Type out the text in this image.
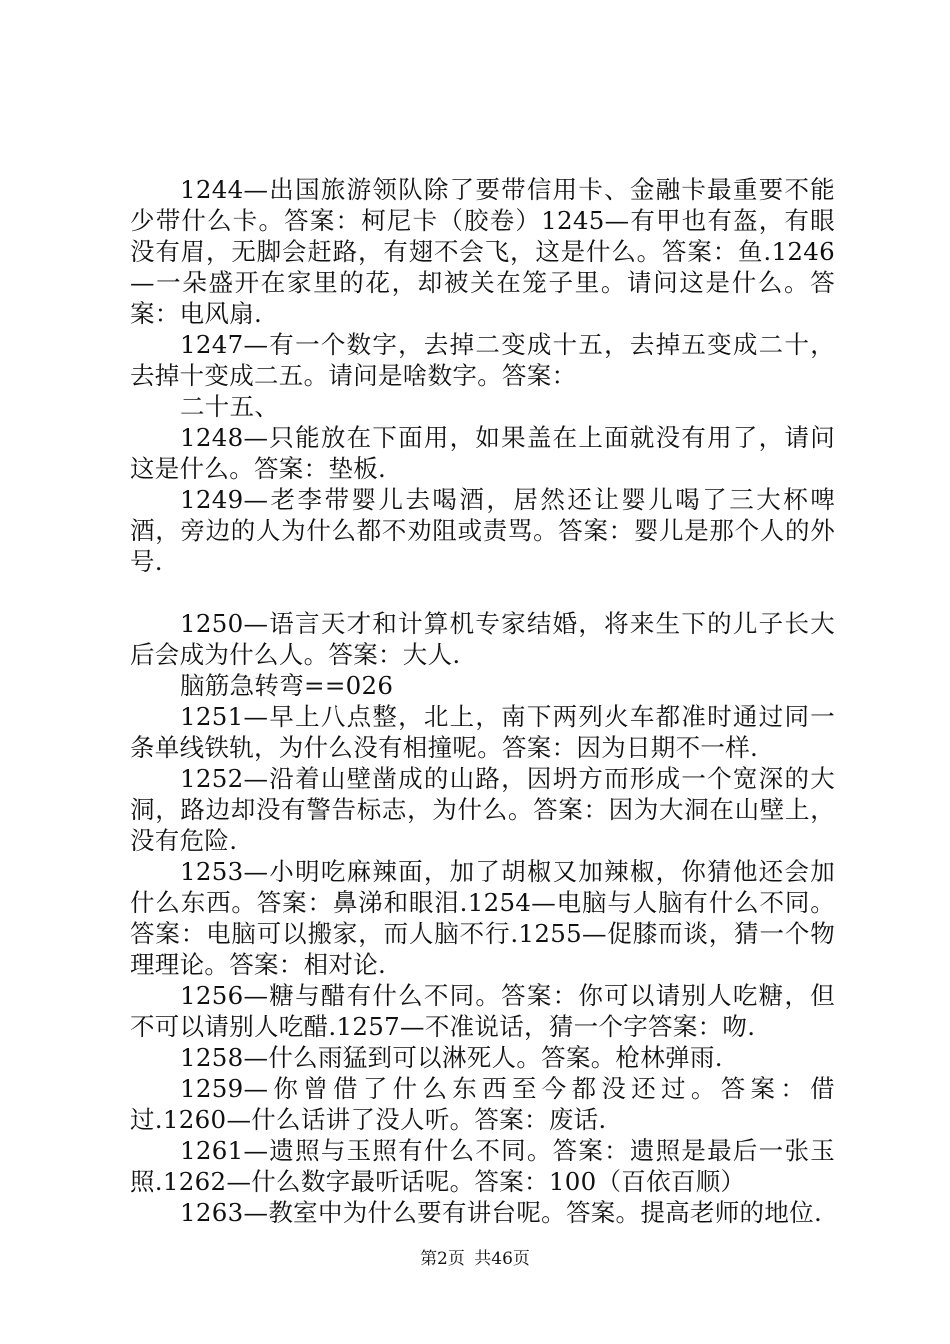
1244—出国旅游领队除了要带信用卡、金融卡最重要不能少带什么卡。答案：柯尼卡（胶卷）1245—有甲也有盔，有眼没有眉，无脚会赶路，有翅不会飞，这是什么。答案：鱼.1246—一朵盛开在家里的花，却被关在笼子里。请问这是什么。答案：电风扇.

1247—有一个数字，去掉二变成十五，去掉五变成二十，去掉十变成二五。请问是啥数字。答案：

二十五、

1248—只能放在下面用，如果盖在上面就没有用了，请问这是什么。答案：垫板.

1249—老李带婴儿去喝酒，居然还让婴儿喝了三大杯啤酒，旁边的人为什么都不劝阻或责骂。答案：婴儿是那个人的外号.

1250—语言天才和计算机专家结婚，将来生下的儿子长大后会成为什么人。答案：大人.

脑筋急转弯==026

1251—早上八点整，北上，南下两列火车都准时通过同一条单线铁轨，为什么没有相撞呢。答案：因为日期不一样.

1252—沿着山壁凿成的山路，因坍方而形成一个宽深的大洞，路边却没有警告标志，为什么。答案：因为大洞在山壁上，没有危险.

1253—小明吃麻辣面，加了胡椒又加辣椒，你猜他还会加什么东西。答案：鼻涕和眼泪.1254—电脑与人脑有什么不同。答案：电脑可以搬家，而人脑不行.1255—促膝而谈，猜一个物理理论。答案：相对论.

1256—糖与醋有什么不同。答案：你可以请别人吃糖，但不可以请别人吃醋.1257—不准说话，猜一个字答案：吻.

1258—什么雨猛到可以淋死人。答案。枪林弹雨.

1259—你曾借了什么东西至今都没还过。答案：借过.1260—什么话讲了没人听。答案：废话.

1261—遗照与玉照有什么不同。答案：遗照是最后一张玉照.1262—什么数字最听话呢。答案：100（百依百顺）

1263—教室中为什么要有讲台呢。答案。提高老师的地位.

第2页 共46页
